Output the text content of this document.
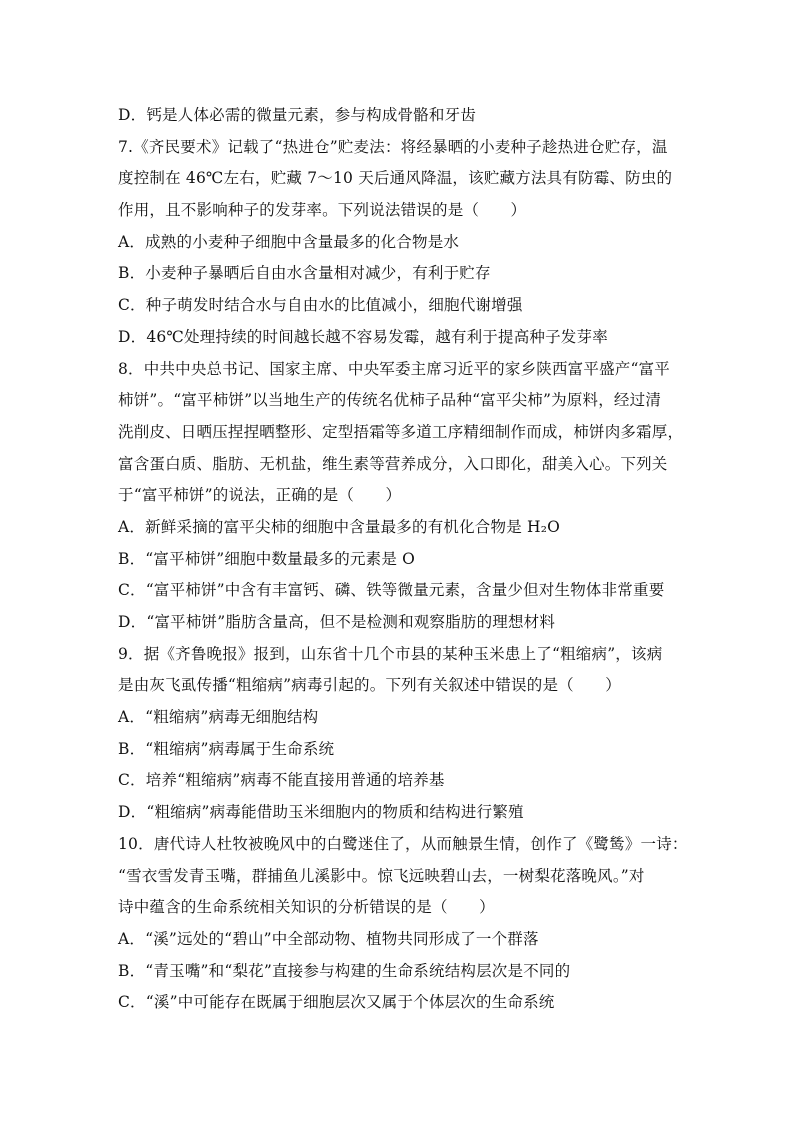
D．钙是人体必需的微量元素，参与构成骨骼和牙齿
7.《齐民要术》记载了“热进仓”贮麦法：将经暴晒的小麦种子趁热进仓贮存，温
度控制在 46℃左右，贮藏 7～10 天后通风降温，该贮藏方法具有防霉、防虫的
作用，且不影响种子的发芽率。下列说法错误的是（　　）
A．成熟的小麦种子细胞中含量最多的化合物是水
B．小麦种子暴晒后自由水含量相对减少，有利于贮存
C．种子萌发时结合水与自由水的比值减小，细胞代谢增强
D．46℃处理持续的时间越长越不容易发霉，越有利于提高种子发芽率
8．中共中央总书记、国家主席、中央军委主席习近平的家乡陕西富平盛产“富平
柿饼”。“富平柿饼”以当地生产的传统名优柿子品种“富平尖柿”为原料，经过清
洗削皮、日晒压捏捏晒整形、定型捂霜等多道工序精细制作而成，柿饼肉多霜厚，
富含蛋白质、脂肪、无机盐，维生素等营养成分，入口即化，甜美入心。下列关
于“富平柿饼”的说法，正确的是（　　）
A．新鲜采摘的富平尖柿的细胞中含量最多的有机化合物是 H₂O
B．“富平柿饼”细胞中数量最多的元素是 O
C．“富平柿饼”中含有丰富钙、磷、铁等微量元素，含量少但对生物体非常重要
D．“富平柿饼”脂肪含量高，但不是检测和观察脂肪的理想材料
9．据《齐鲁晚报》报到，山东省十几个市县的某种玉米患上了“粗缩病”，该病
是由灰飞虱传播“粗缩病”病毒引起的。下列有关叙述中错误的是（　　）
A．“粗缩病”病毒无细胞结构
B．“粗缩病”病毒属于生命系统
C．培养“粗缩病”病毒不能直接用普通的培养基
D．“粗缩病”病毒能借助玉米细胞内的物质和结构进行繁殖
10．唐代诗人杜牧被晚风中的白鹭迷住了，从而触景生情，创作了《鹭鸶》一诗：
“雪衣雪发青玉嘴，群捕鱼儿溪影中。惊飞远映碧山去，一树梨花落晚风。”对
诗中蕴含的生命系统相关知识的分析错误的是（　　）
A．“溪”远处的“碧山”中全部动物、植物共同形成了一个群落
B．“青玉嘴”和“梨花”直接参与构建的生命系统结构层次是不同的
C．“溪”中可能存在既属于细胞层次又属于个体层次的生命系统
